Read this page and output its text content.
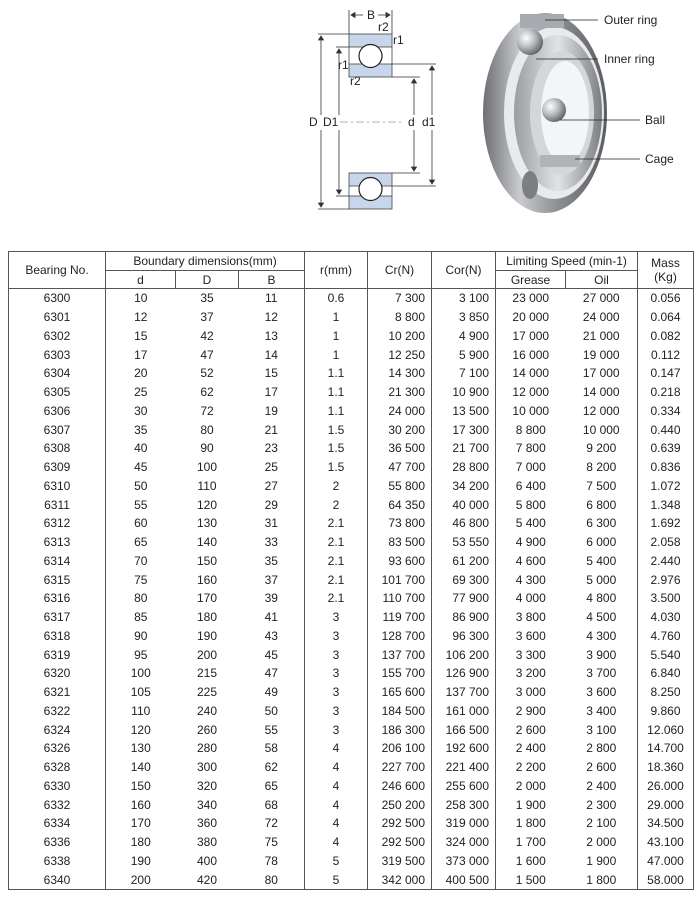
B
D D1	d d1
r2
r1
r1
r2
Outer ring
Inner ring
Ball
Cage
Bearing No.	Boundary dimensions(mm)			r(mm)	Cr(N)	Cor(N)	Limiting Speed (min-1)		Mass
(Kg)

	d	D	B				Grease	Oil	
6300	10	35	11	0.6	7 300	3 100	23 000	27 000	0.056
6301	12	37	12	1	8 800	3 850	20 000	24 000	0.064
6302	15	42	13	1	10 200	4 900	17 000	21 000	0.082
6303	17	47	14	1	12 250	5 900	16 000	19 000	0.112
6304	20	52	15	1.1	14 300	7 100	14 000	17 000	0.147
6305	25	62	17	1.1	21 300	10 900	12 000	14 000	0.218
6306	30	72	19	1.1	24 000	13 500	10 000	12 000	0.334
6307	35	80	21	1.5	30 200	17 300	8 800	10 000	0.440
6308	40	90	23	1.5	36 500	21 700	7 800	9 200	0.639
6309	45	100	25	1.5	47 700	28 800	7 000	8 200	0.836
6310	50	110	27	2	55 800	34 200	6 400	7 500	1.072
6311	55	120	29	2	64 350	40 000	5 800	6 800	1.348
6312	60	130	31	2.1	73 800	46 800	5 400	6 300	1.692
6313	65	140	33	2.1	83 500	53 550	4 900	6 000	2.058
6314	70	150	35	2.1	93 600	61 200	4 600	5 400	2.440
6315	75	160	37	2.1	101 700	69 300	4 300	5 000	2.976
6316	80	170	39	2.1	110 700	77 900	4 000	4 800	3.500
6317	85	180	41	3	119 700	86 900	3 800	4 500	4.030
6318	90	190	43	3	128 700	96 300	3 600	4 300	4.760
6319	95	200	45	3	137 700	106 200	3 300	3 900	5.540
6320	100	215	47	3	155 700	126 900	3 200	3 700	6.840
6321	105	225	49	3	165 600	137 700	3 000	3 600	8.250
6322	110	240	50	3	184 500	161 000	2 900	3 400	9.860
6324	120	260	55	3	186 300	166 500	2 600	3 100	12.060
6326	130	280	58	4	206 100	192 600	2 400	2 800	14.700
6328	140	300	62	4	227 700	221 400	2 200	2 600	18.360
6330	150	320	65	4	246 600	255 600	2 000	2 400	26.000
6332	160	340	68	4	250 200	258 300	1 900	2 300	29.000
6334	170	360	72	4	292 500	319 000	1 800	2 100	34.500
6336	180	380	75	4	292 500	324 000	1 700	2 000	43.100
6338	190	400	78	5	319 500	373 000	1 600	1 900	47.000
6340	200	420	80	5	342 000	400 500	1 500	1 800	58.000
